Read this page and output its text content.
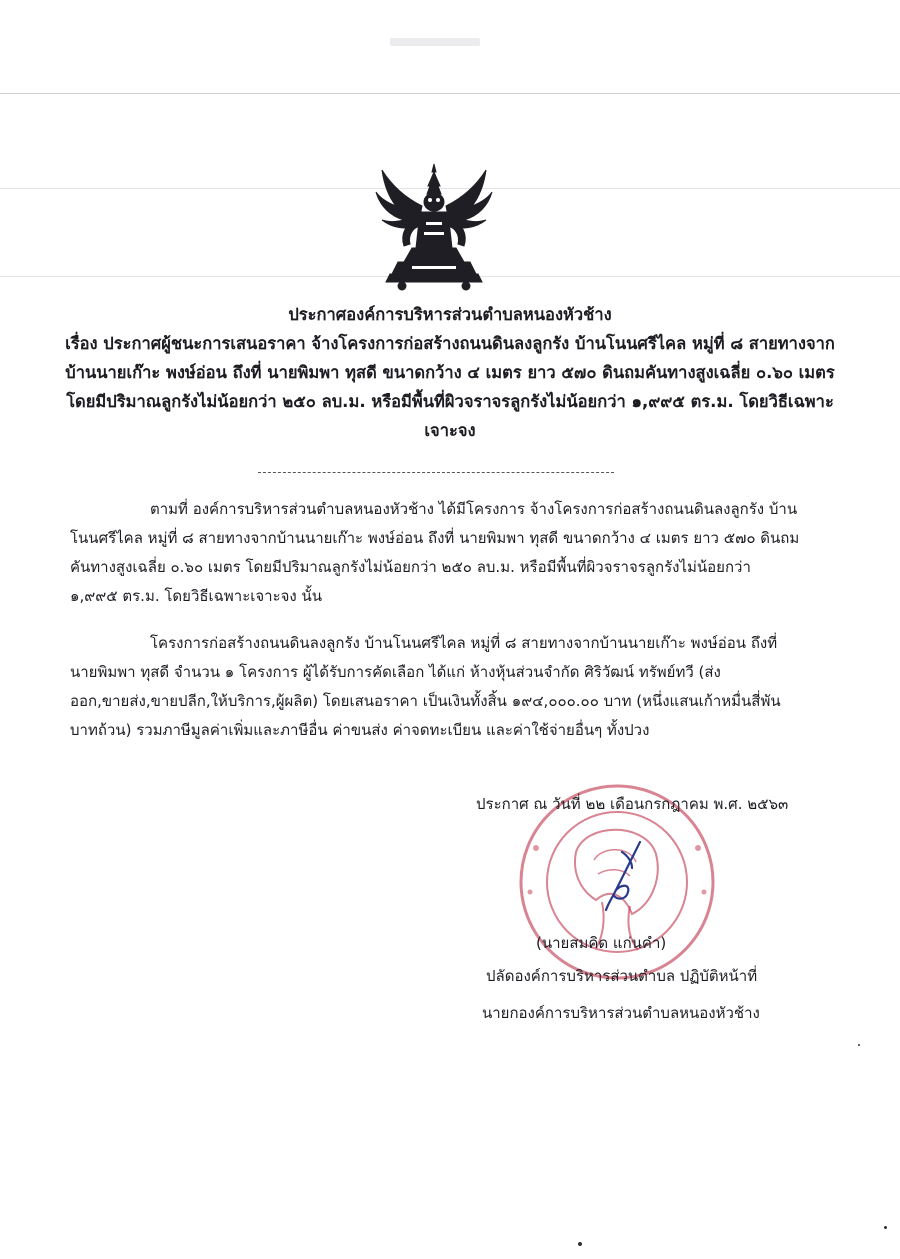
ประกาศองค์การบริหารส่วนตำบลหนองหัวช้าง
เรื่อง ประกาศผู้ชนะการเสนอราคา จ้างโครงการก่อสร้างถนนดินลงลูกรัง บ้านโนนศรีไคล หมู่ที่ ๘ สายทางจาก
บ้านนายเก๊าะ พงษ์อ่อน ถึงที่ นายพิมพา ทุสดี ขนาดกว้าง ๔ เมตร ยาว ๕๗๐ ดินถมคันทางสูงเฉลี่ย ๐.๖๐ เมตร
โดยมีปริมาณลูกรังไม่น้อยกว่า ๒๕๐ ลบ.ม. หรือมีพื้นที่ผิวจราจรลูกรังไม่น้อยกว่า ๑,๙๙๕ ตร.ม. โดยวิธีเฉพาะ
เจาะจง
ตามที่ องค์การบริหารส่วนตำบลหนองหัวช้าง ได้มีโครงการ จ้างโครงการก่อสร้างถนนดินลงลูกรัง บ้าน
โนนศรีไคล หมู่ที่ ๘ สายทางจากบ้านนายเก๊าะ พงษ์อ่อน ถึงที่ นายพิมพา ทุสดี ขนาดกว้าง ๔ เมตร ยาว ๕๗๐ ดินถม
คันทางสูงเฉลี่ย ๐.๖๐ เมตร โดยมีปริมาณลูกรังไม่น้อยกว่า ๒๕๐ ลบ.ม. หรือมีพื้นที่ผิวจราจรลูกรังไม่น้อยกว่า
๑,๙๙๕ ตร.ม. โดยวิธีเฉพาะเจาะจง นั้น
โครงการก่อสร้างถนนดินลงลูกรัง บ้านโนนศรีไคล หมู่ที่ ๘ สายทางจากบ้านนายเก๊าะ พงษ์อ่อน ถึงที่
นายพิมพา ทุสดี จำนวน ๑ โครงการ ผู้ได้รับการคัดเลือก ได้แก่ ห้างหุ้นส่วนจำกัด ศิริวัฒน์ ทรัพย์ทวี (ส่ง
ออก,ขายส่ง,ขายปลีก,ให้บริการ,ผู้ผลิต) โดยเสนอราคา เป็นเงินทั้งสิ้น ๑๙๔,๐๐๐.๐๐ บาท (หนึ่งแสนเก้าหมื่นสี่พัน
บาทถ้วน) รวมภาษีมูลค่าเพิ่มและภาษีอื่น ค่าขนส่ง ค่าจดทะเบียน และค่าใช้จ่ายอื่นๆ ทั้งปวง
ประกาศ ณ วันที่ ๒๒ เดือนกรกฎาคม พ.ศ. ๒๕๖๓
(นายสมคิด แก่นคำ)
ปลัดองค์การบริหารส่วนตำบล ปฏิบัติหน้าที่
นายกองค์การบริหารส่วนตำบลหนองหัวช้าง
